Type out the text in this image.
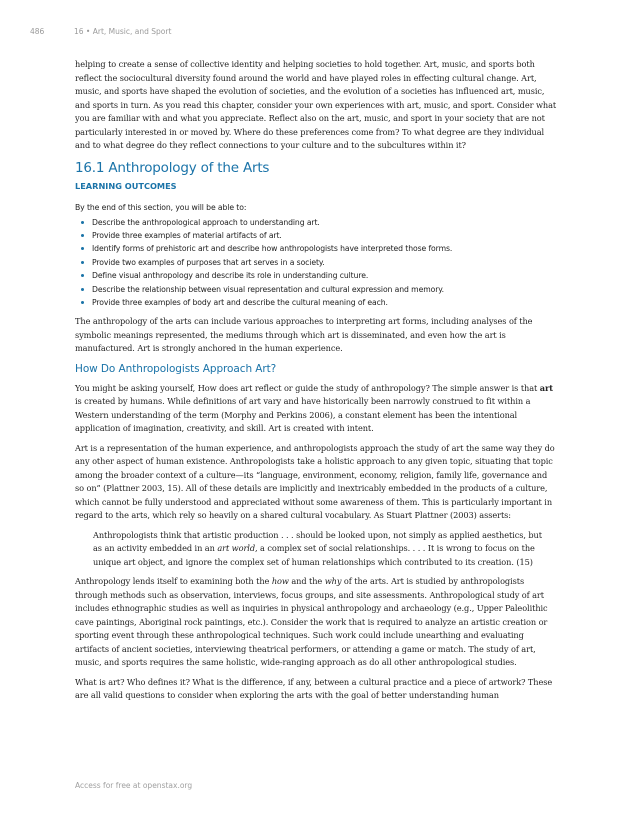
486	16 • Art, Music, and Sport

helping to create a sense of collective identity and helping societies to hold together. Art, music, and sports both reflect the sociocultural diversity found around the world and have played roles in effecting cultural change. Art, music, and sports have shaped the evolution of societies, and the evolution of a societies has influenced art, music, and sports in turn. As you read this chapter, consider your own experiences with art, music, and sport. Consider what you are familiar with and what you appreciate. Reflect also on the art, music, and sport in your society that are not particularly interested in or moved by. Where do these preferences come from? To what degree are they individual and to what degree do they reflect connections to your culture and to the subcultures within it?

16.1 Anthropology of the Arts
LEARNING OUTCOMES
By the end of this section, you will be able to:
Describe the anthropological approach to understanding art.
Provide three examples of material artifacts of art.
Identify forms of prehistoric art and describe how anthropologists have interpreted those forms.
Provide two examples of purposes that art serves in a society.
Define visual anthropology and describe its role in understanding culture.
Describe the relationship between visual representation and cultural expression and memory.
Provide three examples of body art and describe the cultural meaning of each.

The anthropology of the arts can include various approaches to interpreting art forms, including analyses of the symbolic meanings represented, the mediums through which art is disseminated, and even how the art is manufactured. Art is strongly anchored in the human experience.

How Do Anthropologists Approach Art?

You might be asking yourself, How does art reflect or guide the study of anthropology? The simple answer is that art is created by humans. While definitions of art vary and have historically been narrowly construed to fit within a Western understanding of the term (Morphy and Perkins 2006), a constant element has been the intentional application of imagination, creativity, and skill. Art is created with intent.

Art is a representation of the human experience, and anthropologists approach the study of art the same way they do any other aspect of human existence. Anthropologists take a holistic approach to any given topic, situating that topic among the broader context of a culture—its “language, environment, economy, religion, family life, governance and so on” (Plattner 2003, 15). All of these details are implicitly and inextricably embedded in the products of a culture, which cannot be fully understood and appreciated without some awareness of them. This is particularly important in regard to the arts, which rely so heavily on a shared cultural vocabulary. As Stuart Plattner (2003) asserts:

Anthropologists think that artistic production . . . should be looked upon, not simply as applied aesthetics, but as an activity embedded in an art world, a complex set of social relationships. . . . It is wrong to focus on the unique art object, and ignore the complex set of human relationships which contributed to its creation. (15)

Anthropology lends itself to examining both the how and the why of the arts. Art is studied by anthropologists through methods such as observation, interviews, focus groups, and site assessments. Anthropological study of art includes ethnographic studies as well as inquiries in physical anthropology and archaeology (e.g., Upper Paleolithic cave paintings, Aboriginal rock paintings, etc.). Consider the work that is required to analyze an artistic creation or sporting event through these anthropological techniques. Such work could include unearthing and evaluating artifacts of ancient societies, interviewing theatrical performers, or attending a game or match. The study of art, music, and sports requires the same holistic, wide-ranging approach as do all other anthropological studies.

What is art? Who defines it? What is the difference, if any, between a cultural practice and a piece of artwork? These are all valid questions to consider when exploring the arts with the goal of better understanding human

Access for free at openstax.org
